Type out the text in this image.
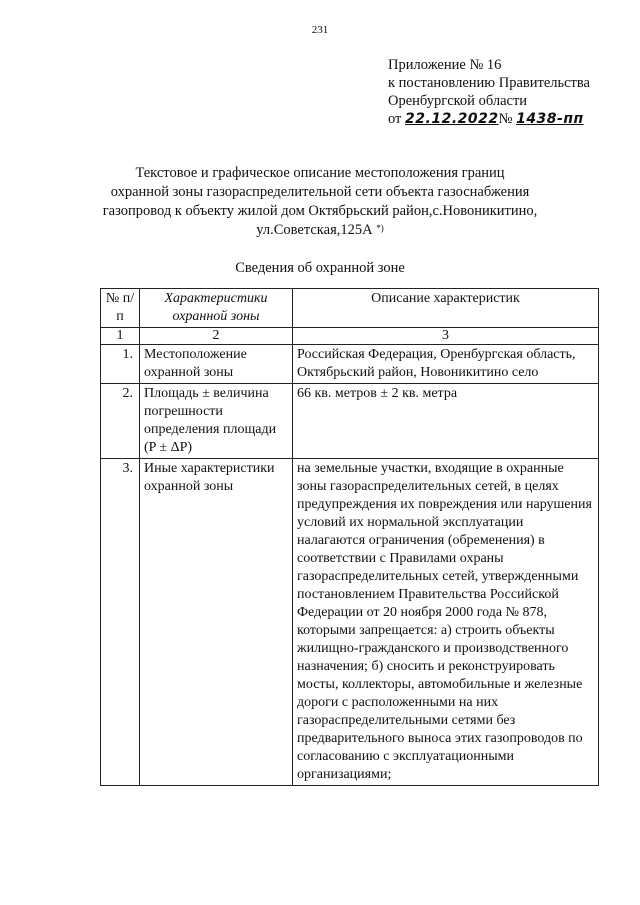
231
Приложение № 16
к постановлению Правительства
Оренбургской области
от 22.12.2022№ 1438-пп
Текстовое и графическое описание местоположения границ
охранной зоны газораспределительной сети объекта газоснабжения
газопровод к объекту жилой дом Октябрьский район,с.Новоникитино,
ул.Советская,125А *)
Сведения об охранной зоне
№ п/п	Характеристики охранной зоны	Описание характеристик
1	2	3
1.	Местоположение охранной зоны	Российская Федерация, Оренбургская область, Октябрьский район, Новоникитино село
2.	Площадь ± величина погрешности определения площади (P ± ΔP)	66 кв. метров ± 2 кв. метра
3.	Иные характеристики охранной зоны	на земельные участки, входящие в охранные зоны газораспределительных сетей, в целях предупреждения их повреждения или нарушения условий их нормальной эксплуатации налагаются ограничения (обременения) в соответствии с Правилами охраны газораспределительных сетей, утвержденными постановлением Правительства Российской Федерации от 20 ноября 2000 года № 878, которыми запрещается: а) строить объекты жилищно-гражданского и производственного назначения; б) сносить и реконструировать мосты, коллекторы, автомобильные и железные дороги с расположенными на них газораспределительными сетями без предварительного выноса этих газопроводов по согласованию с эксплуатационными организациями;
